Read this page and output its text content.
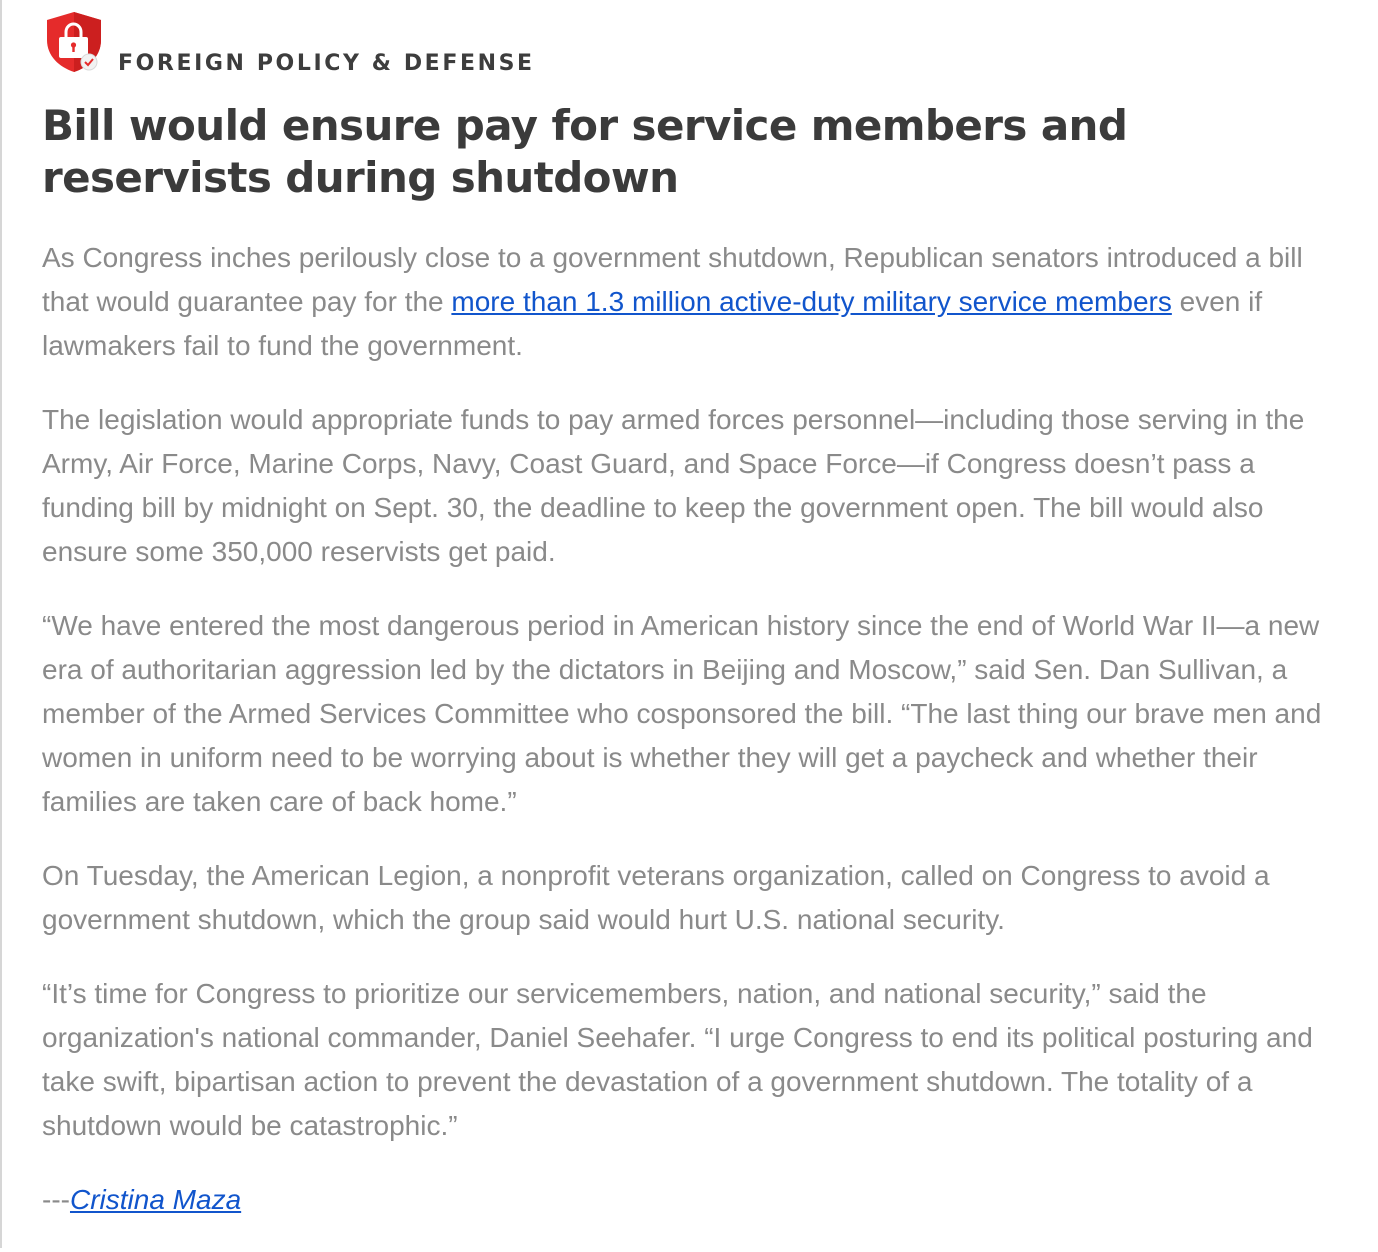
FOREIGN POLICY & DEFENSE
Bill would ensure pay for service members and reservists during shutdown

As Congress inches perilously close to a government shutdown, Republican senators introduced a bill that would guarantee pay for the more than 1.3 million active-duty military service members even if lawmakers fail to fund the government.

The legislation would appropriate funds to pay armed forces personnel—including those serving in the Army, Air Force, Marine Corps, Navy, Coast Guard, and Space Force—if Congress doesn’t pass a funding bill by midnight on Sept. 30, the deadline to keep the government open. The bill would also ensure some 350,000 reservists get paid.

“We have entered the most dangerous period in American history since the end of World War II—a new era of authoritarian aggression led by the dictators in Beijing and Moscow,” said Sen. Dan Sullivan, a member of the Armed Services Committee who cosponsored the bill. “The last thing our brave men and women in uniform need to be worrying about is whether they will get a paycheck and whether their families are taken care of back home.”

On Tuesday, the American Legion, a nonprofit veterans organization, called on Congress to avoid a government shutdown, which the group said would hurt U.S. national security.

“It’s time for Congress to prioritize our servicemembers, nation, and national security,” said the organization's national commander, Daniel Seehafer. “I urge Congress to end its political posturing and take swift, bipartisan action to prevent the devastation of a government shutdown. The totality of a shutdown would be catastrophic.”

---Cristina Maza
